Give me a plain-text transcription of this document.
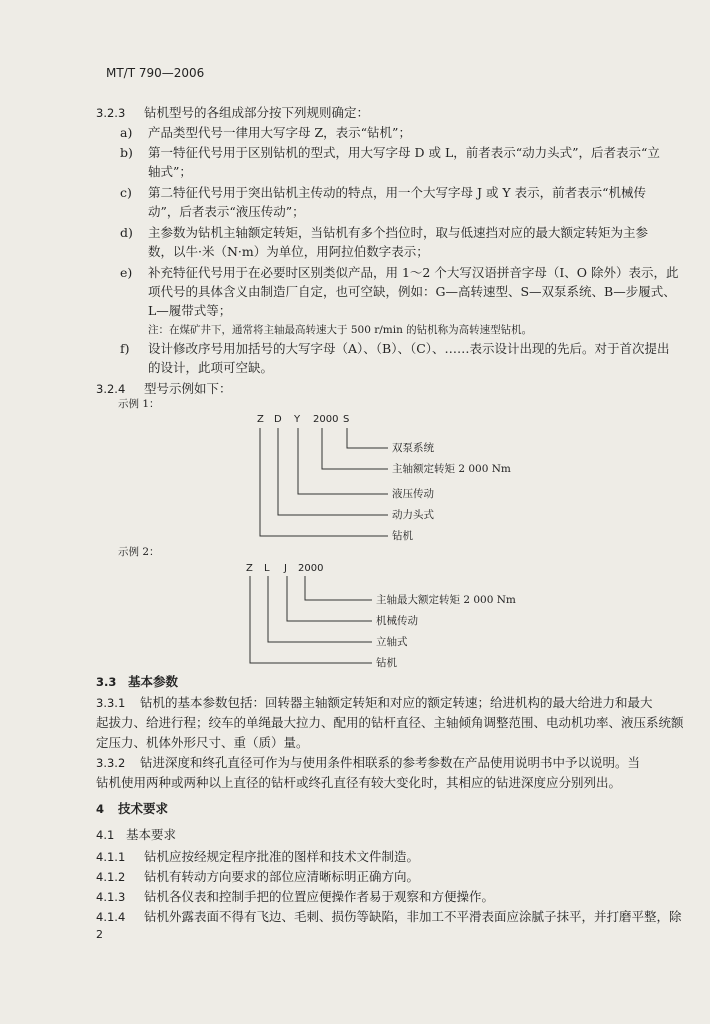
MT/T 790—2006
3.2.3 钻机型号的各组成部分按下列规则确定：
a) 产品类型代号一律用大写字母 Z，表示“钻机”；
b) 第一特征代号用于区别钻机的型式，用大写字母 D 或 L，前者表示“动力头式”，后者表示“立
轴式”；
c) 第二特征代号用于突出钻机主传动的特点，用一个大写字母 J 或 Y 表示，前者表示“机械传
动”，后者表示“液压传动”；
d) 主参数为钻机主轴额定转矩，当钻机有多个挡位时，取与低速挡对应的最大额定转矩为主参
数，以牛·米（N·m）为单位，用阿拉伯数字表示；
e) 补充特征代号用于在必要时区别类似产品，用 1～2 个大写汉语拼音字母（I、O 除外）表示，此
项代号的具体含义由制造厂自定，也可空缺，例如：G—高转速型、S—双泵系统、B—步履式、
L—履带式等；
注：在煤矿井下，通常将主轴最高转速大于 500 r/min 的钻机称为高转速型钻机。
f) 设计修改序号用加括号的大写字母（A）、（B）、（C）、……表示设计出现的先后。对于首次提出
的设计，此项可空缺。
3.2.4 型号示例如下：
示例 1：
Z D Y 2000 S
双泵系统
主轴额定转矩 2 000 Nm
液压传动
动力头式
钻机
示例 2：
Z L J 2000
主轴最大额定转矩 2 000 Nm
机械传动
立轴式
钻机
3.3 基本参数
3.3.1 钻机的基本参数包括：回转器主轴额定转矩和对应的额定转速；给进机构的最大给进力和最大
起拔力、给进行程；绞车的单绳最大拉力、配用的钻杆直径、主轴倾角调整范围、电动机功率、液压系统额
定压力、机体外形尺寸、重（质）量。
3.3.2 钻进深度和终孔直径可作为与使用条件相联系的参考参数在产品使用说明书中予以说明。当
钻机使用两种或两种以上直径的钻杆或终孔直径有较大变化时，其相应的钻进深度应分别列出。
4 技术要求
4.1 基本要求
4.1.1 钻机应按经规定程序批准的图样和技术文件制造。
4.1.2 钻机有转动方向要求的部位应清晰标明正确方向。
4.1.3 钻机各仪表和控制手把的位置应便操作者易于观察和方便操作。
4.1.4 钻机外露表面不得有飞边、毛刺、损伤等缺陷，非加工不平滑表面应涂腻子抹平，并打磨平整，除
2
